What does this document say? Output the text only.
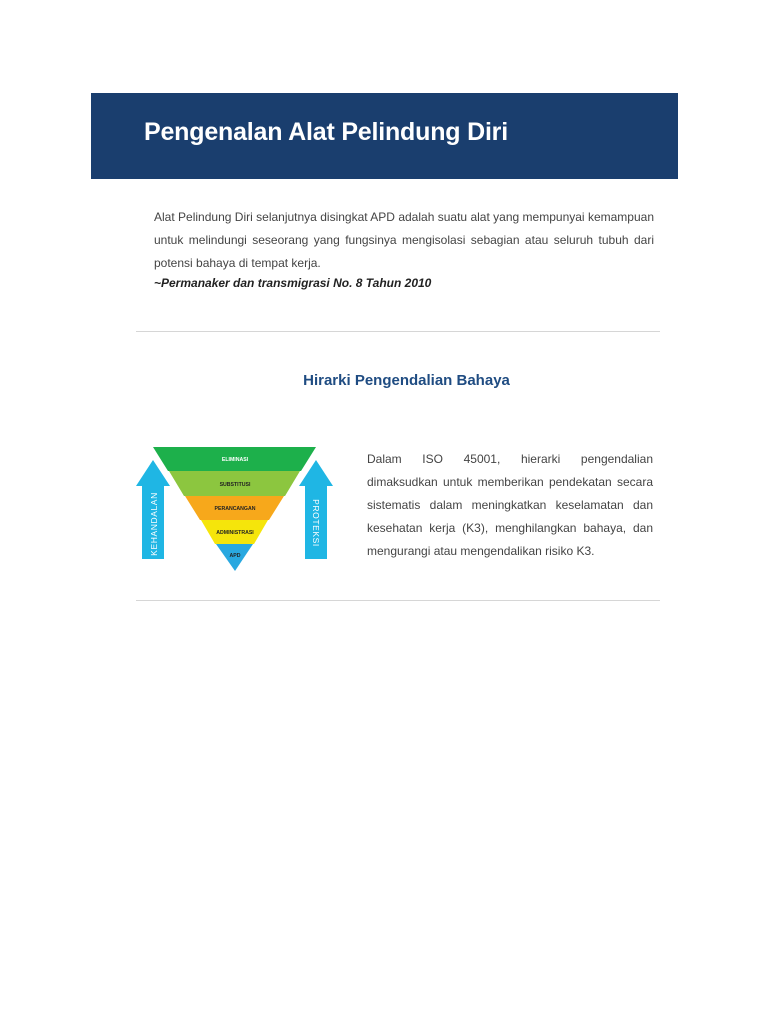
Pengenalan Alat Pelindung Diri

Alat Pelindung Diri selanjutnya disingkat APD adalah suatu alat yang mempunyai kemampuan untuk melindungi seseorang yang fungsinya mengisolasi sebagian atau seluruh tubuh dari potensi bahaya di tempat kerja.

~Permanaker dan transmigrasi No. 8 Tahun 2010

Hirarki Pengendalian Bahaya
KEHANDALAN	PROTEKSI
ELIMINASI
SUBSTITUSI
PERANCANGAN
ADMINISTRASI
APD

Dalam ISO 45001, hierarki pengendalian dimaksudkan untuk memberikan pendekatan secara sistematis dalam meningkatkan keselamatan dan kesehatan kerja (K3), menghilangkan bahaya, dan mengurangi atau mengendalikan risiko K3.
